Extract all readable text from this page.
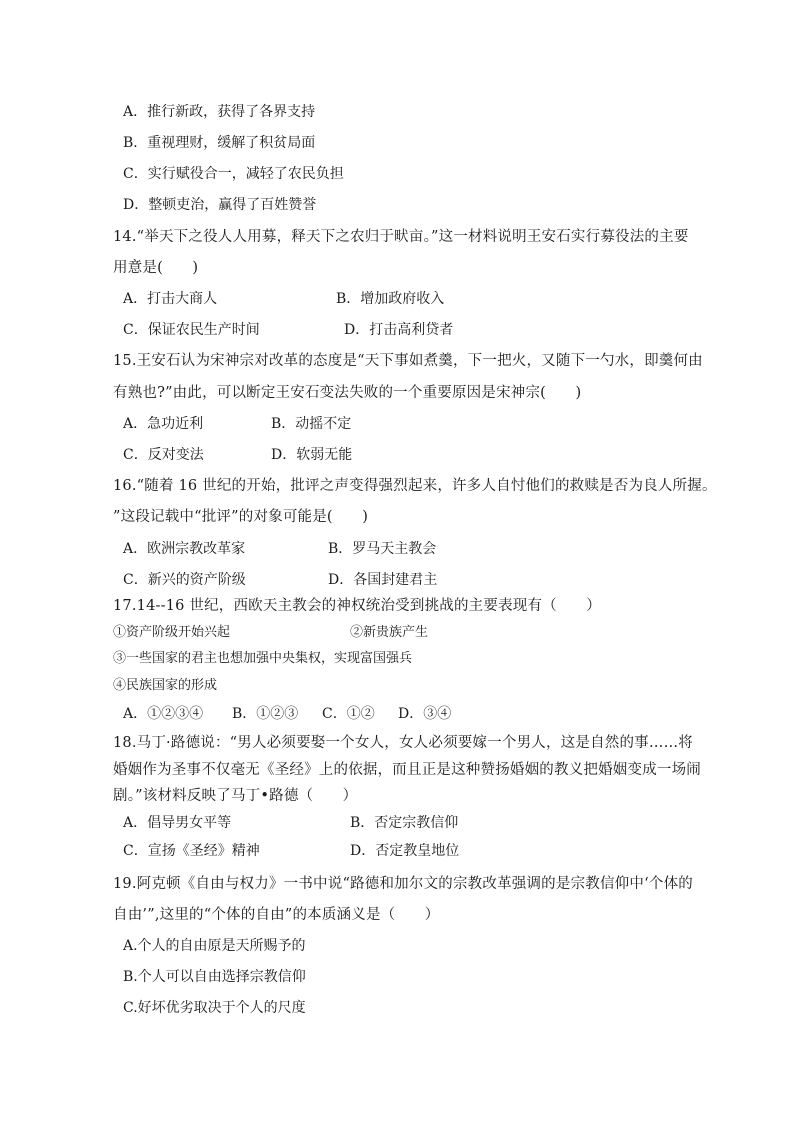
A．推行新政，获得了各界支持
B．重视理财，缓解了积贫局面
C．实行赋役合一，减轻了农民负担
D．整顿吏治，赢得了百姓赞誉
14.“举天下之役人人用募，释天下之农归于畎亩。”这一材料说明王安石实行募役法的主要
用意是(　　)
A．打击大商人	B．增加政府收入
C．保证农民生产时间	D．打击高利贷者
15.王安石认为宋神宗对改革的态度是“天下事如煮羹，下一把火，又随下一勺水，即羹何由
有熟也?”由此，可以断定王安石变法失败的一个重要原因是宋神宗(　　)
A．急功近利	B．动摇不定
C．反对变法	D．软弱无能
16.“随着 16 世纪的开始，批评之声变得强烈起来，许多人自忖他们的救赎是否为良人所握。
”这段记载中“批评”的对象可能是(　　)
A．欧洲宗教改革家	B．罗马天主教会
C．新兴的资产阶级	D．各国封建君主
17.14--16 世纪，西欧天主教会的神权统治受到挑战的主要表现有（　　）
①资产阶级开始兴起	②新贵族产生
③一些国家的君主也想加强中央集权，实现富国强兵
④民族国家的形成
A．①②③④ B．①②③ C．①② D．③④
18.马丁·路德说：“男人必须要娶一个女人，女人必须要嫁一个男人，这是自然的事……将
婚姻作为圣事不仅毫无《圣经》上的依据，而且正是这种赞扬婚姻的教义把婚姻变成一场闹
剧。”该材料反映了马丁•路德（　　）
A．倡导男女平等	B．否定宗教信仰
C．宣扬《圣经》精神	D．否定教皇地位
19.阿克顿《自由与权力》一书中说“路德和加尔文的宗教改革强调的是宗教信仰中‘个体的
自由’”,这里的“个体的自由”的本质涵义是（　　）
A.个人的自由原是天所赐予的
B.个人可以自由选择宗教信仰
C.好坏优劣取决于个人的尺度
